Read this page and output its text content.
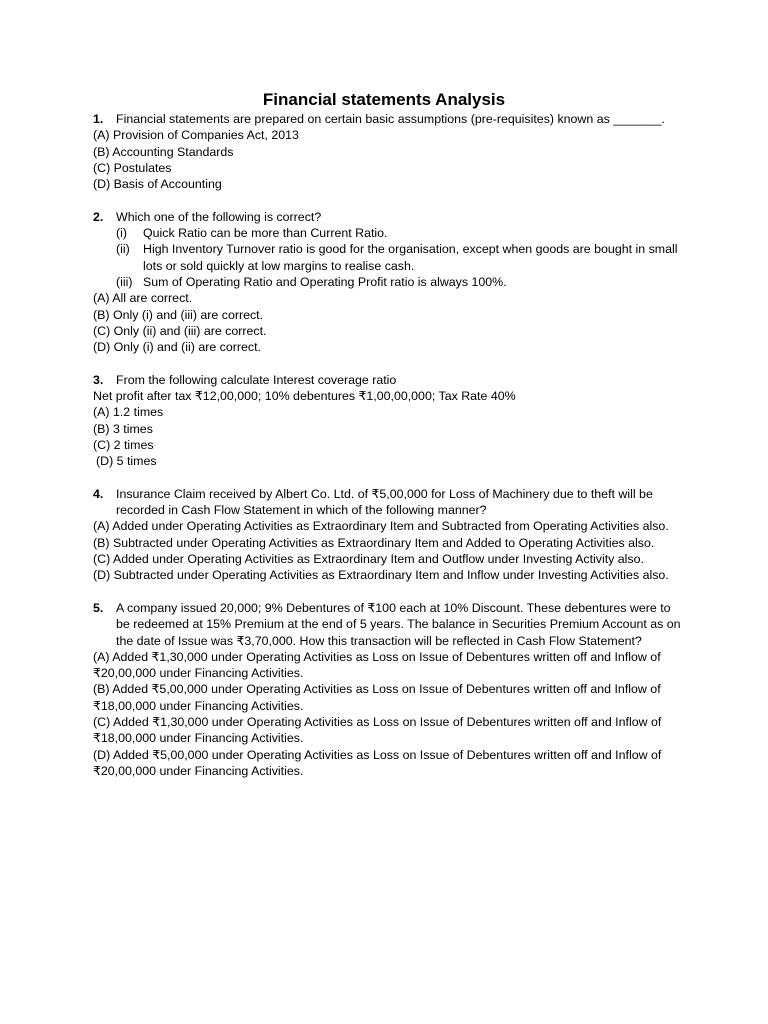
Financial statements Analysis
1.	Financial statements are prepared on certain basic assumptions (pre-requisites) known as _______.

(A) Provision of Companies Act, 2013

(B) Accounting Standards

(C) Postulates

(D) Basis of Accounting

2.	Which one of the following is correct?
(i)	Quick Ratio can be more than Current Ratio.
(ii)	High Inventory Turnover ratio is good for the organisation, except when goods are bought in small lots or sold quickly at low margins to realise cash.
(iii) Sum of Operating Ratio and Operating Profit ratio is always 100%.

(A) All are correct.

(B) Only (i) and (iii) are correct.

(C) Only (ii) and (iii) are correct.

(D) Only (i) and (ii) are correct.

3.	From the following calculate Interest coverage ratio

Net profit after tax ₹12,00,000; 10% debentures ₹1,00,00,000; Tax Rate 40%

(A) 1.2 times

(B) 3 times

(C) 2 times

(D) 5 times

4.	Insurance Claim received by Albert Co. Ltd. of ₹5,00,000 for Loss of Machinery due to theft will be recorded in Cash Flow Statement in which of the following manner?

(A) Added under Operating Activities as Extraordinary Item and Subtracted from Operating Activities also.

(B) Subtracted under Operating Activities as Extraordinary Item and Added to Operating Activities also.

(C) Added under Operating Activities as Extraordinary Item and Outflow under Investing Activity also.

(D) Subtracted under Operating Activities as Extraordinary Item and Inflow under Investing Activities also.

5.	A company issued 20,000; 9% Debentures of ₹100 each at 10% Discount. These debentures were to be redeemed at 15% Premium at the end of 5 years. The balance in Securities Premium Account as on the date of Issue was ₹3,70,000. How this transaction will be reflected in Cash Flow Statement?

(A) Added ₹1,30,000 under Operating Activities as Loss on Issue of Debentures written off and Inflow of ₹20,00,000 under Financing Activities.

(B) Added ₹5,00,000 under Operating Activities as Loss on Issue of Debentures written off and Inflow of ₹18,00,000 under Financing Activities.

(C) Added ₹1,30,000 under Operating Activities as Loss on Issue of Debentures written off and Inflow of ₹18,00,000 under Financing Activities.

(D) Added ₹5,00,000 under Operating Activities as Loss on Issue of Debentures written off and Inflow of ₹20,00,000 under Financing Activities.
